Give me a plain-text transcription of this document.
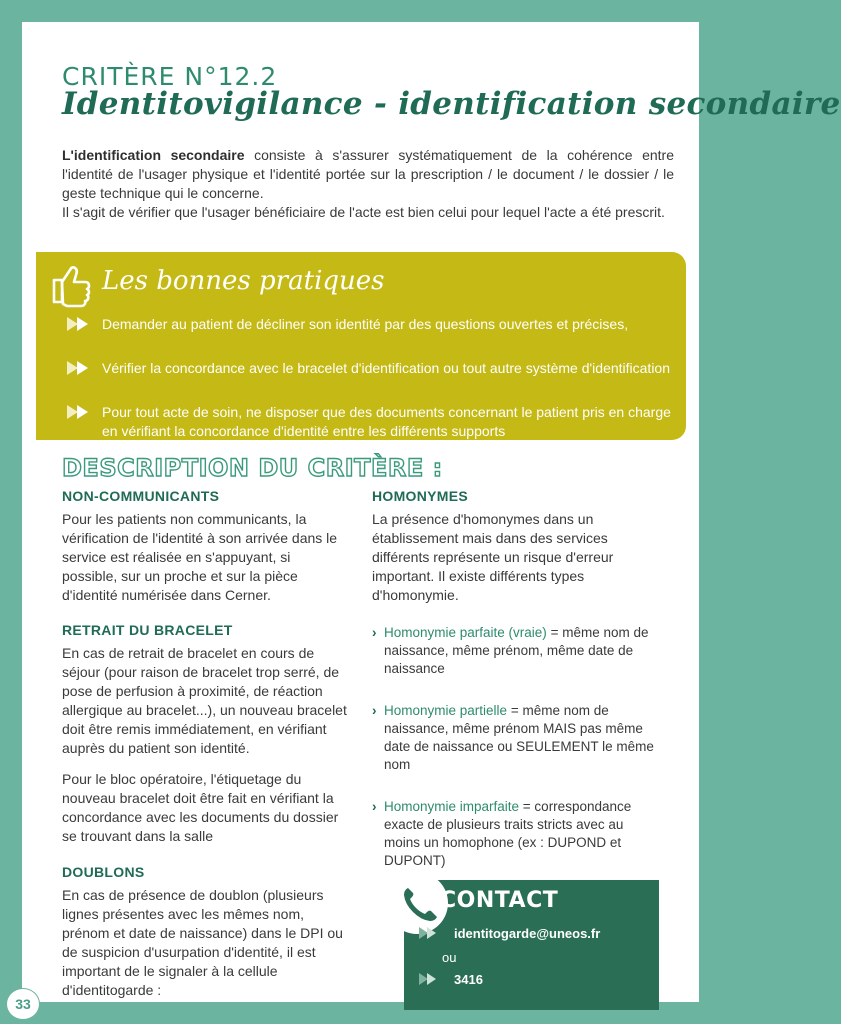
CRITÈRE N°12.2
Identitovigilance - identification secondaire

L'identification secondaire consiste à s'assurer systématiquement de la cohérence entre l'identité de l'usager physique et l'identité portée sur la prescription / le document / le dossier / le geste technique qui le concerne.

Il s'agit de vérifier que l'usager bénéficiaire de l'acte est bien celui pour lequel l'acte a été prescrit.

Les bonnes pratiques
Demander au patient de décliner son identité par des questions ouvertes et précises,
Vérifier la concordance avec le bracelet d'identification ou tout autre système d'identification
Pour tout acte de soin, ne disposer que des documents concernant le patient pris en charge en vérifiant la concordance d'identité entre les différents supports
DESCRIPTION DU CRITÈRE :
NON-COMMUNICANTS
Pour les patients non communicants, la vérification de l'identité à son arrivée dans le service est réalisée en s'appuyant, si possible, sur un proche et sur la pièce d'identité numérisée dans Cerner.
RETRAIT DU BRACELET
En cas de retrait de bracelet en cours de séjour (pour raison de bracelet trop serré, de pose de perfusion à proximité, de réaction allergique au bracelet...), un nouveau bracelet doit être remis immédiatement, en vérifiant auprès du patient son identité.
Pour le bloc opératoire, l'étiquetage du nouveau bracelet doit être fait en vérifiant la concordance avec les documents du dossier se trouvant dans la salle
DOUBLONS
En cas de présence de doublon (plusieurs lignes présentes avec les mêmes nom, prénom et date de naissance) dans le DPI ou de suspicion d'usurpation d'identité, il est important de le signaler à la cellule d'identitogarde :
HOMONYMES
La présence d'homonymes dans un établissement mais dans des services différents représente un risque d'erreur important. Il existe différents types d'homonymie.
› Homonymie parfaite (vraie) = même nom de naissance, même prénom, même date de naissance
› Homonymie partielle = même nom de naissance, même prénom MAIS pas même date de naissance ou SEULEMENT le même nom
› Homonymie imparfaite = correspondance exacte de plusieurs traits stricts avec au moins un homophone (ex : DUPOND et DUPONT)
CONTACT
identitogarde@uneos.fr
ou
3416
33
